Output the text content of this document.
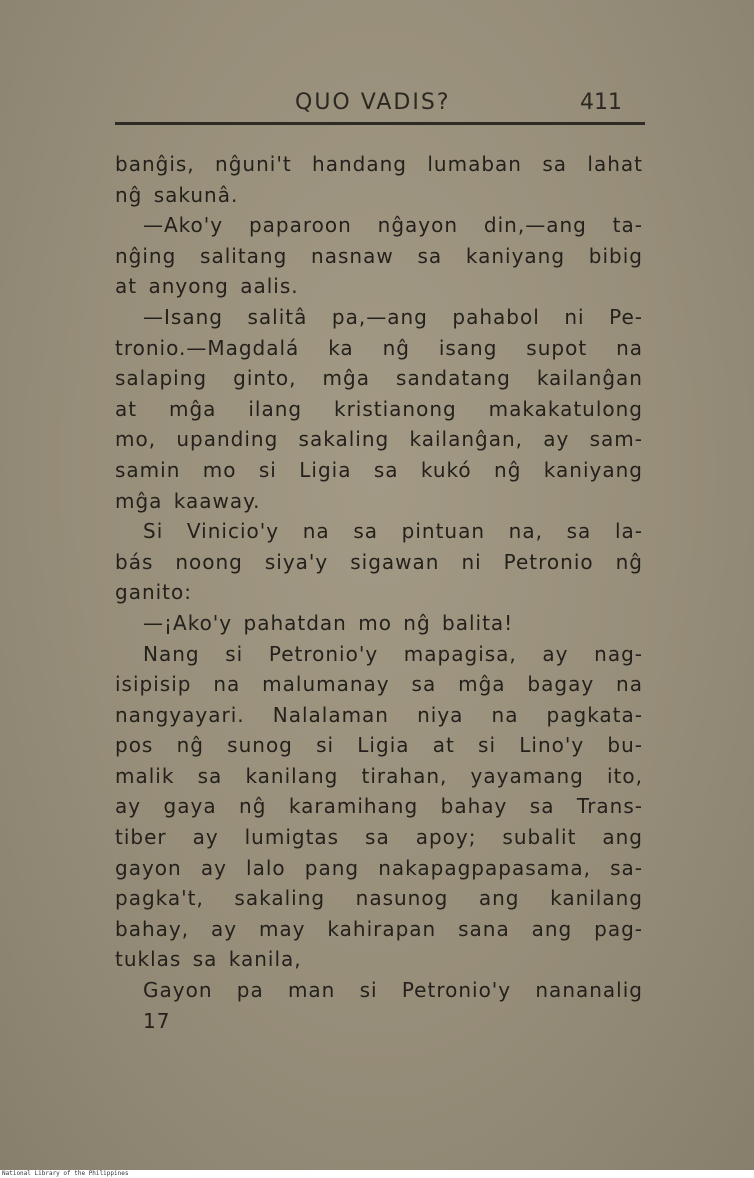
QUO VADIS?	411
banĝis, nĝuni't handang lumaban sa lahat
nĝ sakunâ.
—Ako'y paparoon nĝayon din,—ang ta-
nĝing salitang nasnaw sa kaniyang bibig
at anyong aalis.
—Isang salitâ pa,—ang pahabol ni Pe-
tronio.—Magdalá ka nĝ isang supot na
salaping ginto, mĝa sandatang kailanĝan
at mĝa ilang kristianong makakatulong
mo, upanding sakaling kailanĝan, ay sam-
samin mo si Ligia sa kukó nĝ kaniyang
mĝa kaaway.
Si Vinicio'y na sa pintuan na, sa la-
bás noong siya'y sigawan ni Petronio nĝ
ganito:
—¡Ako'y pahatdan mo nĝ balita!
Nang si Petronio'y mapagisa, ay nag-
isipisip na malumanay sa mĝa bagay na
nangyayari. Nalalaman niya na pagkata-
pos nĝ sunog si Ligia at si Lino'y bu-
malik sa kanilang tirahan, yayamang ito,
ay gaya nĝ karamihang bahay sa Trans-
tiber ay lumigtas sa apoy; subalit ang
gayon ay lalo pang nakapagpapasama, sa-
pagka't, sakaling nasunog ang kanilang
bahay, ay may kahirapan sana ang pag-
tuklas sa kanila,
Gayon pa man si Petronio'y nananalig
17
National Library of the Philippines
